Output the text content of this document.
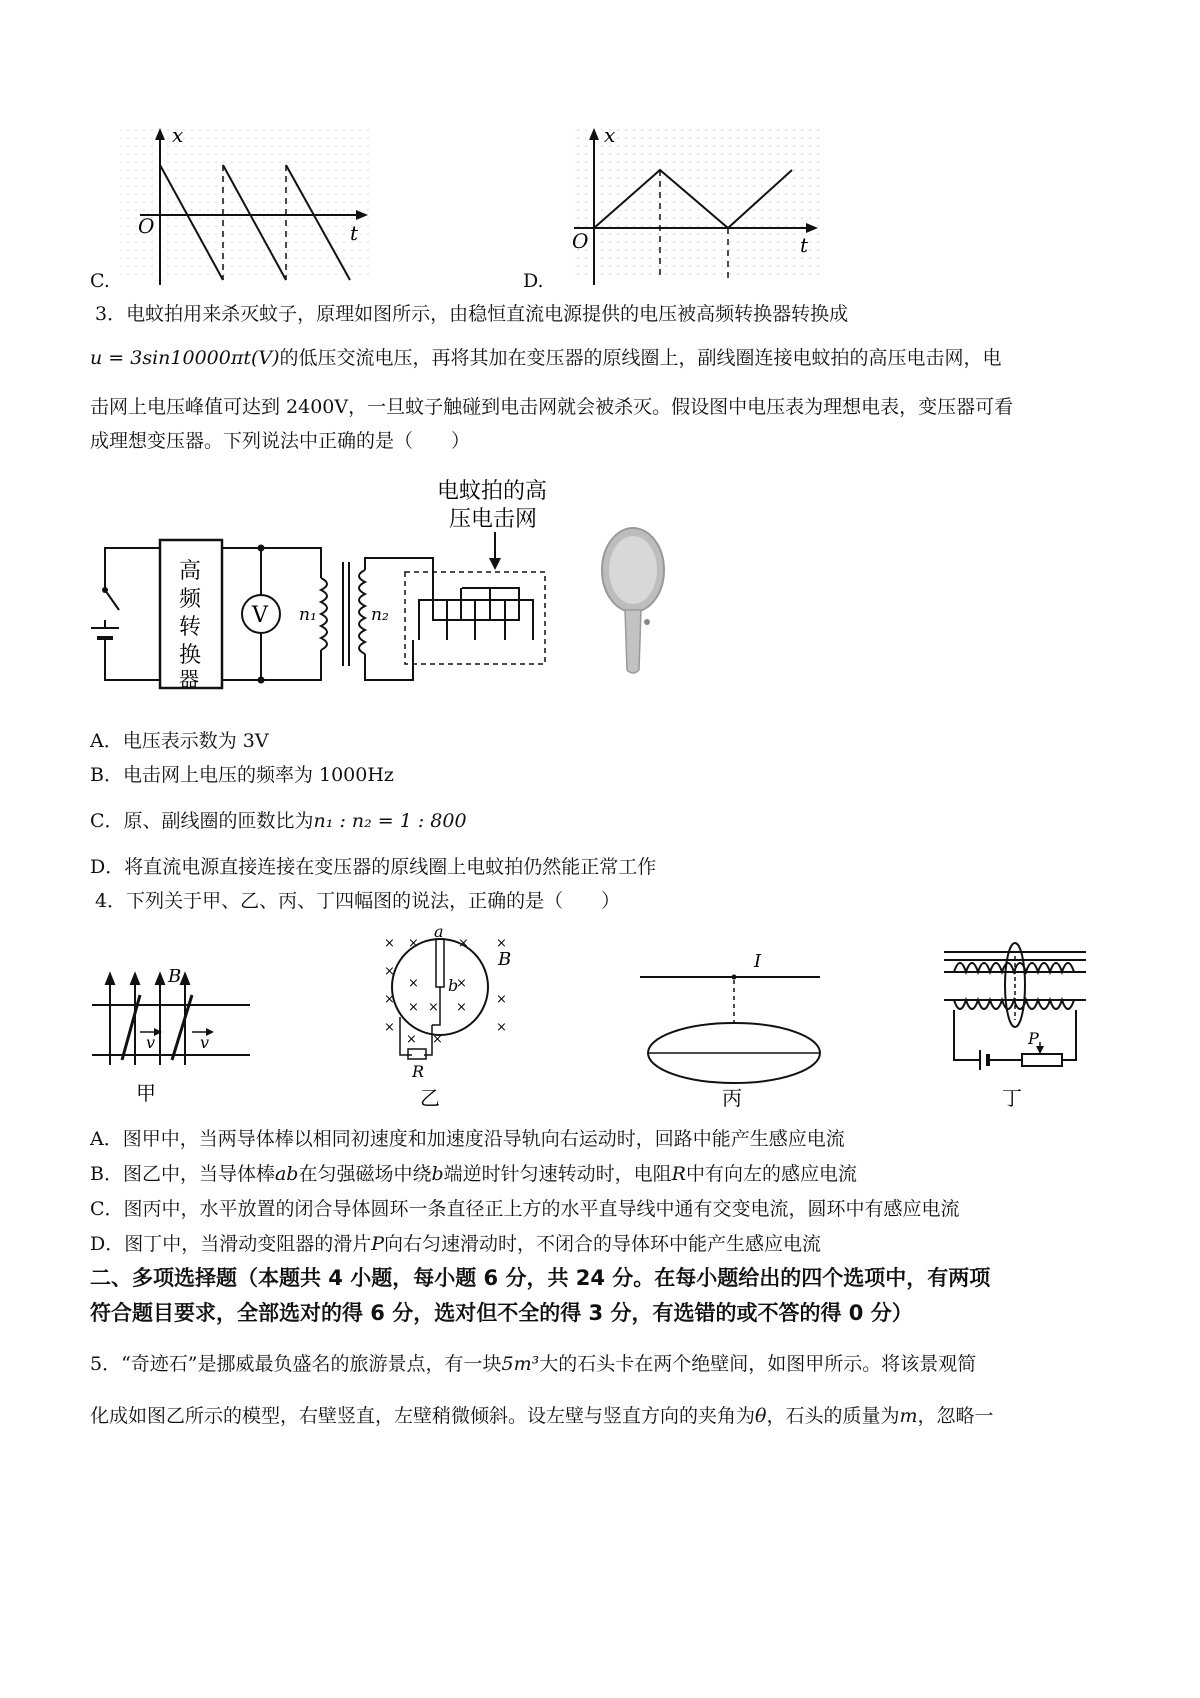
C.
x
O	t
D.
x
O	t
3．电蚊拍用来杀灭蚊子，原理如图所示，由稳恒直流电源提供的电压被高频转换器转换成
u = 3sin10000πt(V)的低压交流电压，再将其加在变压器的原线圈上，副线圈连接电蚊拍的高压电击网，电
击网上电压峰值可达到 2400V，一旦蚊子触碰到电击网就会被杀灭。假设图中电压表为理想电表，变压器可看
成理想变压器。下列说法中正确的是（　　）
电蚊拍的高
压电击网
高
频
转
换
器
V n₁	n₂
A．电压表示数为 3V
B．电击网上电压的频率为 1000Hz
C．原、副线圈的匝数比为n₁ : n₂ = 1 : 800
D．将直流电源直接连接在变压器的原线圈上电蚊拍仍然能正常工作
4．下列关于甲、乙、丙、丁四幅图的说法，正确的是（　　）
B
v	v
甲
×
×
×
×
×
×
×
×	×
×	×
× × ×
× ×
a
b
B
R
乙
I
丙
P
丁
A．图甲中，当两导体棒以相同初速度和加速度沿导轨向右运动时，回路中能产生感应电流
B．图乙中，当导体棒ab在匀强磁场中绕b端逆时针匀速转动时，电阻R中有向左的感应电流
C．图丙中，水平放置的闭合导体圆环一条直径正上方的水平直导线中通有交变电流，圆环中有感应电流
D．图丁中，当滑动变阻器的滑片P向右匀速滑动时，不闭合的导体环中能产生感应电流
二、多项选择题（本题共 4 小题，每小题 6 分，共 24 分。在每小题给出的四个选项中，有两项
符合题目要求，全部选对的得 6 分，选对但不全的得 3 分，有选错的或不答的得 0 分）
5．“奇迹石”是挪威最负盛名的旅游景点，有一块5m³大的石头卡在两个绝壁间，如图甲所示。将该景观简
化成如图乙所示的模型，右壁竖直，左壁稍微倾斜。设左壁与竖直方向的夹角为θ，石头的质量为m，忽略一
